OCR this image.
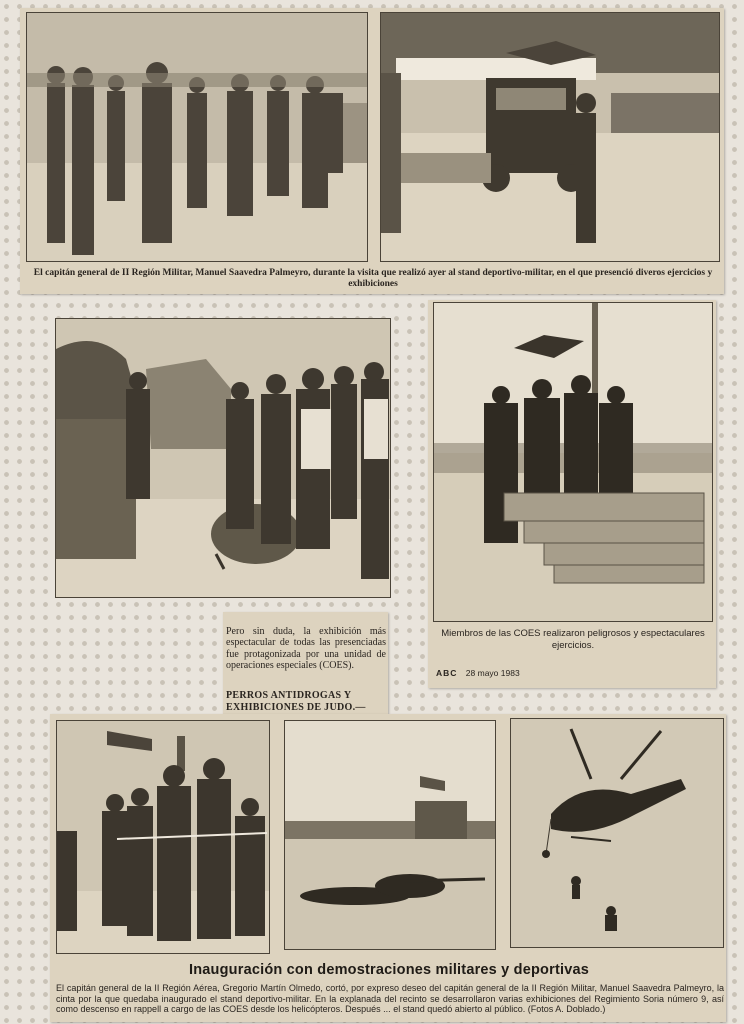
El capitán general de II Región Militar, Manuel Saavedra Palmeyro, durante la visita que realizó ayer al stand deportivo-militar, en el que presenció diveros ejercicios y exhibiciones

Pero sin duda, la exhibición más espectacular de todas las presenciadas fue protagonizada por una unidad de operaciones especiales (COES).

PERROS ANTIDROGAS Y EXHIBICIONES DE JUDO.—

Miembros de las COES realizaron peligrosos y espectaculares ejercicios.
ABC 28 mayo 1983
Inauguración con demostraciones militares y deportivas
El capitán general de la II Región Aérea, Gregorio Martín Olmedo, cortó, por expreso deseo del capitán general de la II Región Militar, Manuel Saavedra Palmeyro, la cinta por la que quedaba inaugurado el stand deportivo-militar. En la explanada del recinto se desarrollaron varias exhibiciones del Regimiento Soria número 9, así como descenso en rappell a cargo de las COES desde los helicópteros. Después ... el stand quedó abierto al público. (Fotos A. Doblado.)
